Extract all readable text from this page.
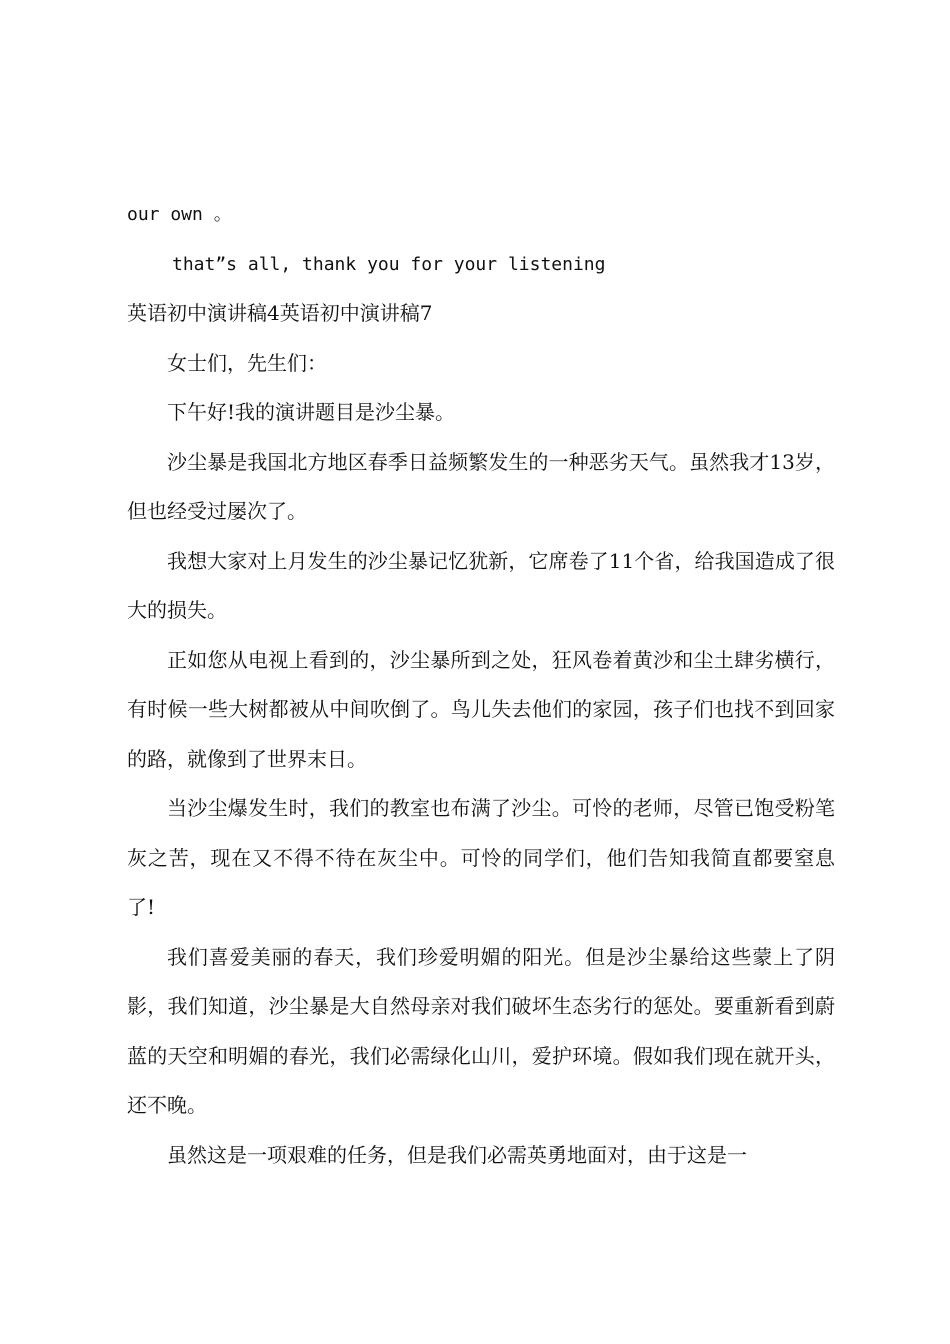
our own 。

that”s all, thank you for your listening

英语初中演讲稿4英语初中演讲稿7

女士们，先生们：

下午好!我的演讲题目是沙尘暴。

沙尘暴是我国北方地区春季日益频繁发生的一种恶劣天气。虽然我才13岁，但也经受过屡次了。

我想大家对上月发生的沙尘暴记忆犹新，它席卷了11个省，给我国造成了很大的损失。

正如您从电视上看到的，沙尘暴所到之处，狂风卷着黄沙和尘土肆劣横行，有时候一些大树都被从中间吹倒了。鸟儿失去他们的家园，孩子们也找不到回家的路，就像到了世界末日。

当沙尘爆发生时，我们的教室也布满了沙尘。可怜的老师，尽管已饱受粉笔灰之苦，现在又不得不待在灰尘中。可怜的同学们，他们告知我简直都要窒息了!

我们喜爱美丽的春天，我们珍爱明媚的阳光。但是沙尘暴给这些蒙上了阴影，我们知道，沙尘暴是大自然母亲对我们破坏生态劣行的惩处。要重新看到蔚蓝的天空和明媚的春光，我们必需绿化山川，爱护环境。假如我们现在就开头，还不晚。

虽然这是一项艰难的任务，但是我们必需英勇地面对，由于这是一
